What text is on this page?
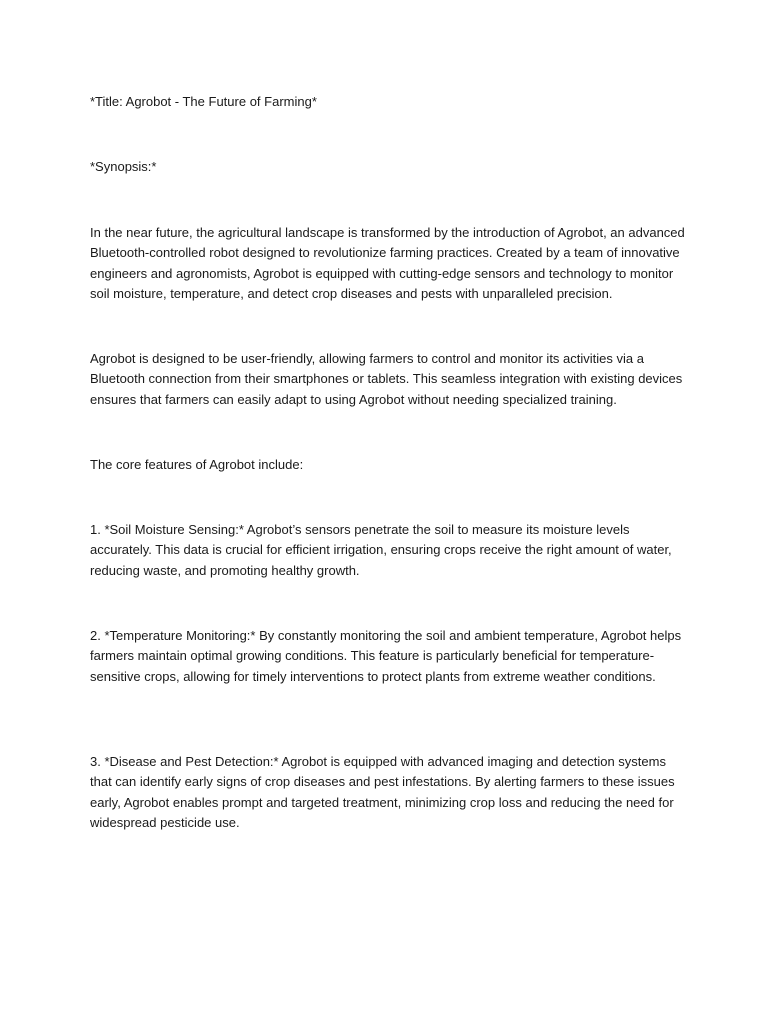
*Title: Agrobot - The Future of Farming*

*Synopsis:*

In the near future, the agricultural landscape is transformed by the introduction of Agrobot, an advanced Bluetooth-controlled robot designed to revolutionize farming practices. Created by a team of innovative engineers and agronomists, Agrobot is equipped with cutting-edge sensors and technology to monitor soil moisture, temperature, and detect crop diseases and pests with unparalleled precision.

Agrobot is designed to be user-friendly, allowing farmers to control and monitor its activities via a Bluetooth connection from their smartphones or tablets. This seamless integration with existing devices ensures that farmers can easily adapt to using Agrobot without needing specialized training.

The core features of Agrobot include:

1. *Soil Moisture Sensing:* Agrobot’s sensors penetrate the soil to measure its moisture levels accurately. This data is crucial for efficient irrigation, ensuring crops receive the right amount of water, reducing waste, and promoting healthy growth.

2. *Temperature Monitoring:* By constantly monitoring the soil and ambient temperature, Agrobot helps farmers maintain optimal growing conditions. This feature is particularly beneficial for temperature-sensitive crops, allowing for timely interventions to protect plants from extreme weather conditions.

3. *Disease and Pest Detection:* Agrobot is equipped with advanced imaging and detection systems that can identify early signs of crop diseases and pest infestations. By alerting farmers to these issues early, Agrobot enables prompt and targeted treatment, minimizing crop loss and reducing the need for widespread pesticide use.
